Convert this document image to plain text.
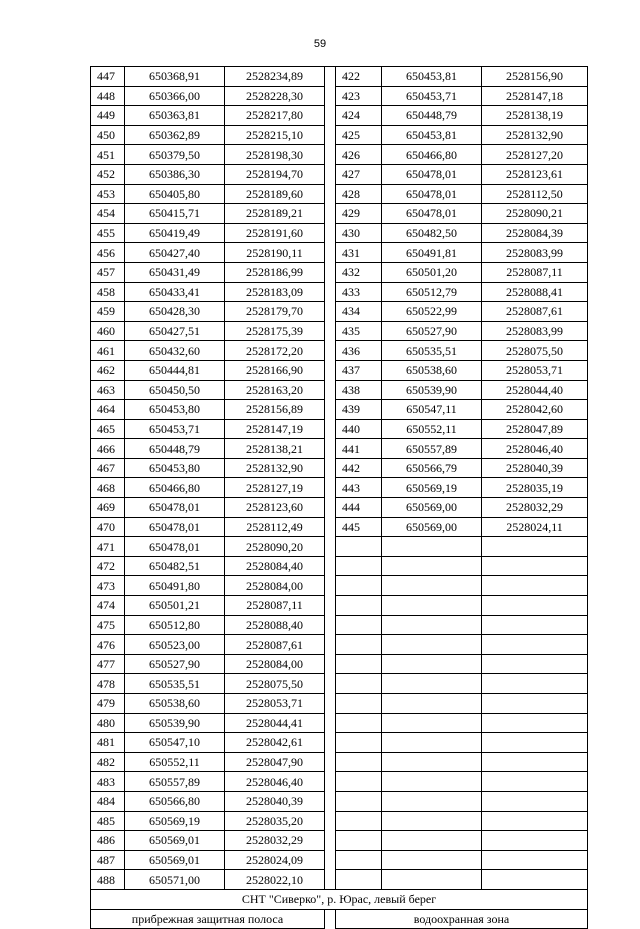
59
447	650368,91	2528234,89		422	650453,81	2528156,90
448	650366,00	2528228,30		423	650453,71	2528147,18
449	650363,81	2528217,80		424	650448,79	2528138,19
450	650362,89	2528215,10		425	650453,81	2528132,90
451	650379,50	2528198,30		426	650466,80	2528127,20
452	650386,30	2528194,70		427	650478,01	2528123,61
453	650405,80	2528189,60		428	650478,01	2528112,50
454	650415,71	2528189,21		429	650478,01	2528090,21
455	650419,49	2528191,60		430	650482,50	2528084,39
456	650427,40	2528190,11		431	650491,81	2528083,99
457	650431,49	2528186,99		432	650501,20	2528087,11
458	650433,41	2528183,09		433	650512,79	2528088,41
459	650428,30	2528179,70		434	650522,99	2528087,61
460	650427,51	2528175,39		435	650527,90	2528083,99
461	650432,60	2528172,20		436	650535,51	2528075,50
462	650444,81	2528166,90		437	650538,60	2528053,71
463	650450,50	2528163,20		438	650539,90	2528044,40
464	650453,80	2528156,89		439	650547,11	2528042,60
465	650453,71	2528147,19		440	650552,11	2528047,89
466	650448,79	2528138,21		441	650557,89	2528046,40
467	650453,80	2528132,90		442	650566,79	2528040,39
468	650466,80	2528127,19		443	650569,19	2528035,19
469	650478,01	2528123,60		444	650569,00	2528032,29
470	650478,01	2528112,49		445	650569,00	2528024,11
471	650478,01	2528090,20				
472	650482,51	2528084,40				
473	650491,80	2528084,00				
474	650501,21	2528087,11				
475	650512,80	2528088,40				
476	650523,00	2528087,61				
477	650527,90	2528084,00				
478	650535,51	2528075,50				
479	650538,60	2528053,71				
480	650539,90	2528044,41				
481	650547,10	2528042,61				
482	650552,11	2528047,90				
483	650557,89	2528046,40				
484	650566,80	2528040,39				
485	650569,19	2528035,20				
486	650569,01	2528032,29				
487	650569,01	2528024,09				
488	650571,00	2528022,10				
СНТ "Сиверко", р. Юрас, левый берег						
прибрежная защитная полоса				водоохранная зона		
